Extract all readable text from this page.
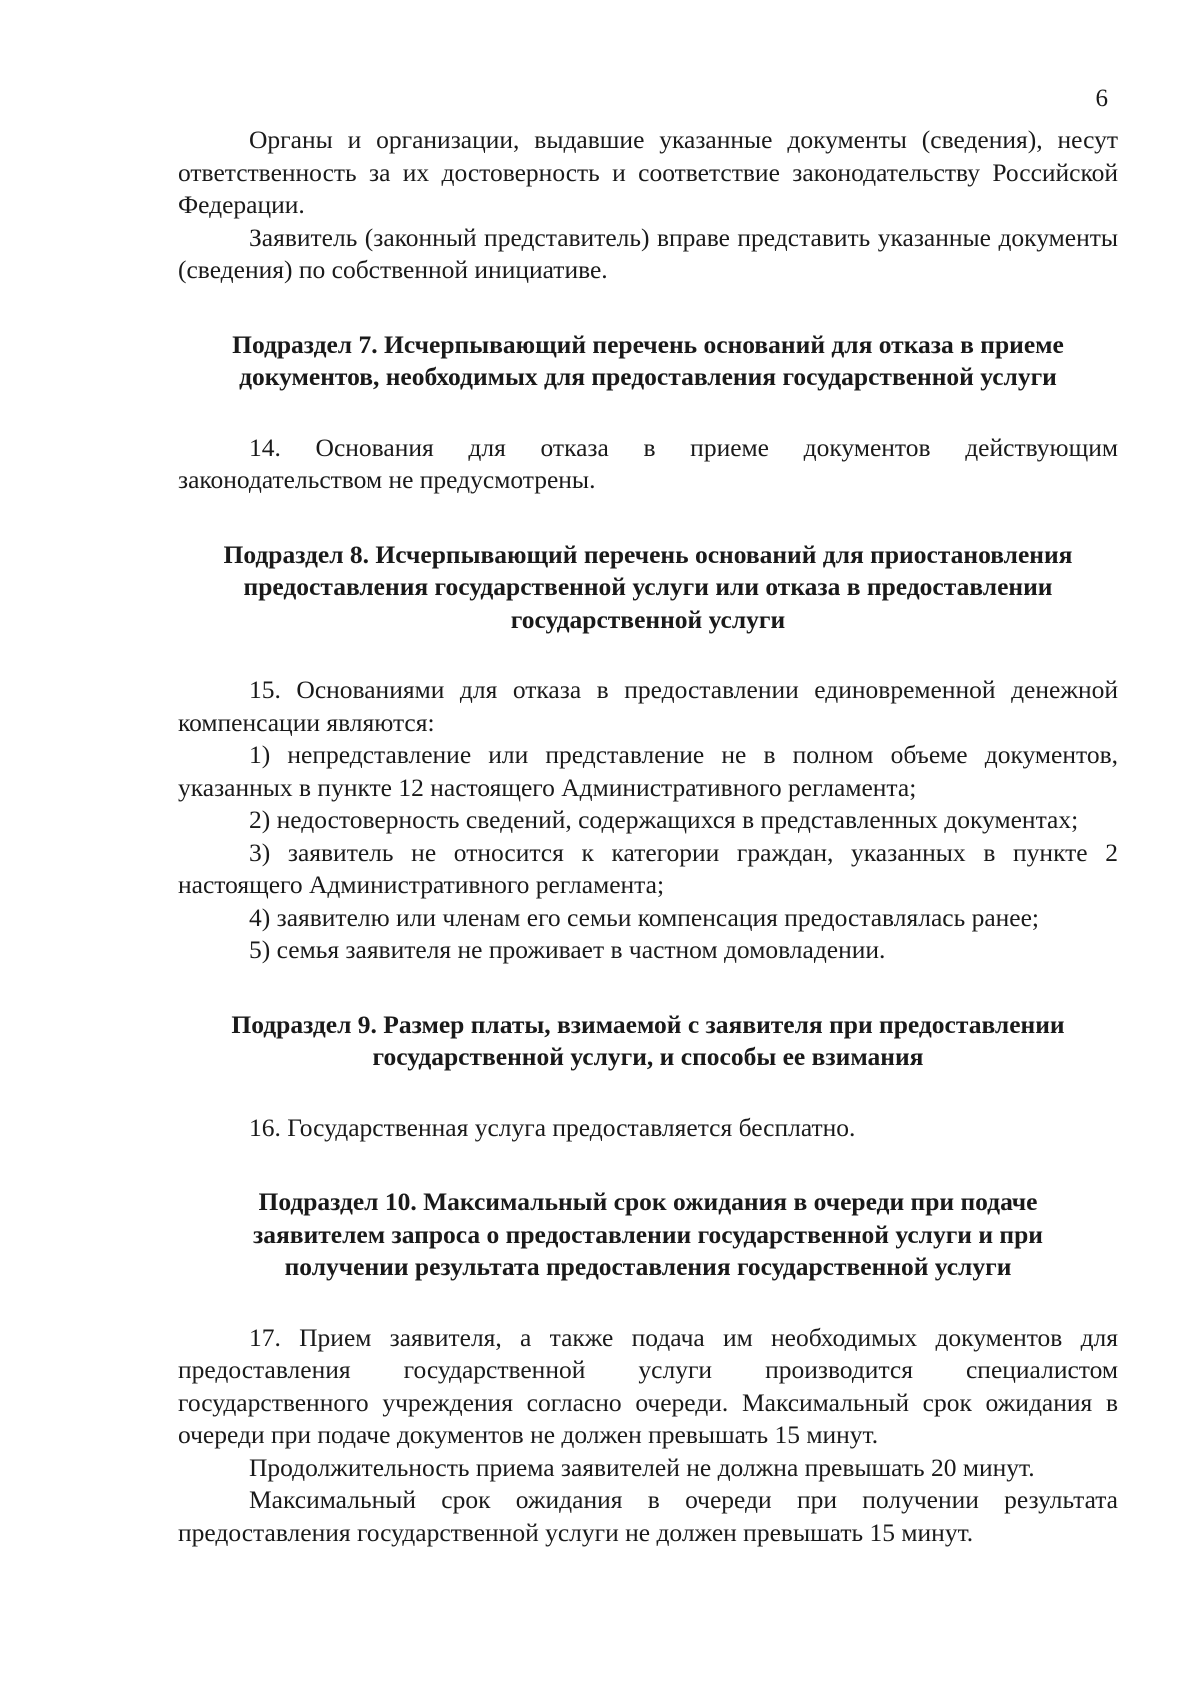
6

Органы и организации, выдавшие указанные документы (сведения), несут ответственность за их достоверность и соответствие законодательству Российской Федерации.

Заявитель (законный представитель) вправе представить указанные документы (сведения) по собственной инициативе.

Подраздел 7. Исчерпывающий перечень оснований для отказа в приеме документов, необходимых для предоставления государственной услуги

14. Основания для отказа в приеме документов действующим законодательством не предусмотрены.

Подраздел 8. Исчерпывающий перечень оснований для приостановления предоставления государственной услуги или отказа в предоставлении государственной услуги

15. Основаниями для отказа в предоставлении единовременной денежной компенсации являются:

1) непредставление или представление не в полном объеме документов, указанных в пункте 12 настоящего Административного регламента;

2) недостоверность сведений, содержащихся в представленных документах;

3) заявитель не относится к категории граждан, указанных в пункте 2 настоящего Административного регламента;

4) заявителю или членам его семьи компенсация предоставлялась ранее;

5) семья заявителя не проживает в частном домовладении.

Подраздел 9. Размер платы, взимаемой с заявителя при предоставлении государственной услуги, и способы ее взимания

16. Государственная услуга предоставляется бесплатно.

Подраздел 10. Максимальный срок ожидания в очереди при подаче заявителем запроса о предоставлении государственной услуги и при получении результата предоставления государственной услуги

17. Прием заявителя, а также подача им необходимых документов для предоставления государственной услуги производится специалистом государственного учреждения согласно очереди. Максимальный срок ожидания в очереди при подаче документов не должен превышать 15 минут.

Продолжительность приема заявителей не должна превышать 20 минут.

Максимальный срок ожидания в очереди при получении результата предоставления государственной услуги не должен превышать 15 минут.
